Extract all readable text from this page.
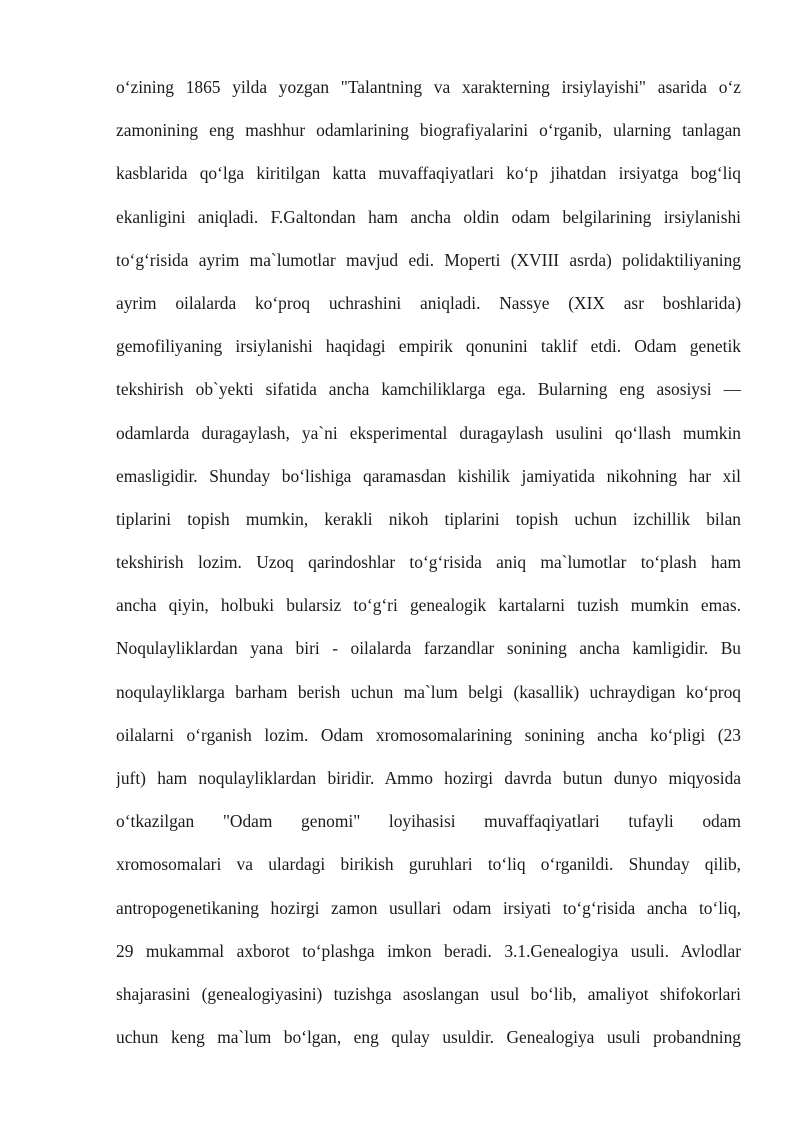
oʻzining 1865 yilda yozgan "Talantning va xarakterning irsiylayishi" asarida oʻz
zamonining eng mashhur odamlarining biografiyalarini oʻrganib, ularning tanlagan
kasblarida qoʻlga kiritilgan katta muvaffaqiyatlari koʻp jihatdan irsiyatga bogʻliq
ekanligini aniqladi. F.Galtondan ham ancha oldin odam belgilarining irsiylanishi
toʻgʻrisida ayrim ma`lumotlar mavjud edi. Moperti (XVIII asrda) polidaktiliyaning
ayrim oilalarda koʻproq uchrashini aniqladi. Nassye (XIX asr boshlarida)
gemofiliyaning irsiylanishi haqidagi empirik qonunini taklif etdi. Odam genetik
tekshirish ob`yekti sifatida ancha kamchiliklarga ega. Bularning eng asosiysi —
odamlarda duragaylash, ya`ni eksperimental duragaylash usulini qoʻllash mumkin
emasligidir. Shunday boʻlishiga qaramasdan kishilik jamiyatida nikohning har xil
tiplarini topish mumkin, kerakli nikoh tiplarini topish uchun izchillik bilan
tekshirish lozim. Uzoq qarindoshlar toʻgʻrisida aniq ma`lumotlar toʻplash ham
ancha qiyin, holbuki bularsiz toʻgʻri genealogik kartalarni tuzish mumkin emas.
Noqulayliklardan yana biri - oilalarda farzandlar sonining ancha kamligidir. Bu
noqulayliklarga barham berish uchun ma`lum belgi (kasallik) uchraydigan koʻproq
oilalarni oʻrganish lozim. Odam xromosomalarining sonining ancha koʻpligi (23
juft) ham noqulayliklardan biridir. Ammo hozirgi davrda butun dunyo miqyosida
oʻtkazilgan "Odam genomi" loyihasisi muvaffaqiyatlari tufayli odam
xromosomalari va ulardagi birikish guruhlari toʻliq oʻrganildi. Shunday qilib,
antropogenetikaning hozirgi zamon usullari odam irsiyati toʻgʻrisida ancha toʻliq,
29 mukammal axborot toʻplashga imkon beradi. 3.1.Genealogiya usuli. Avlodlar
shajarasini (genealogiyasini) tuzishga asoslangan usul boʻlib, amaliyot shifokorlari
uchun keng ma`lum boʻlgan, eng qulay usuldir. Genealogiya usuli probandning
